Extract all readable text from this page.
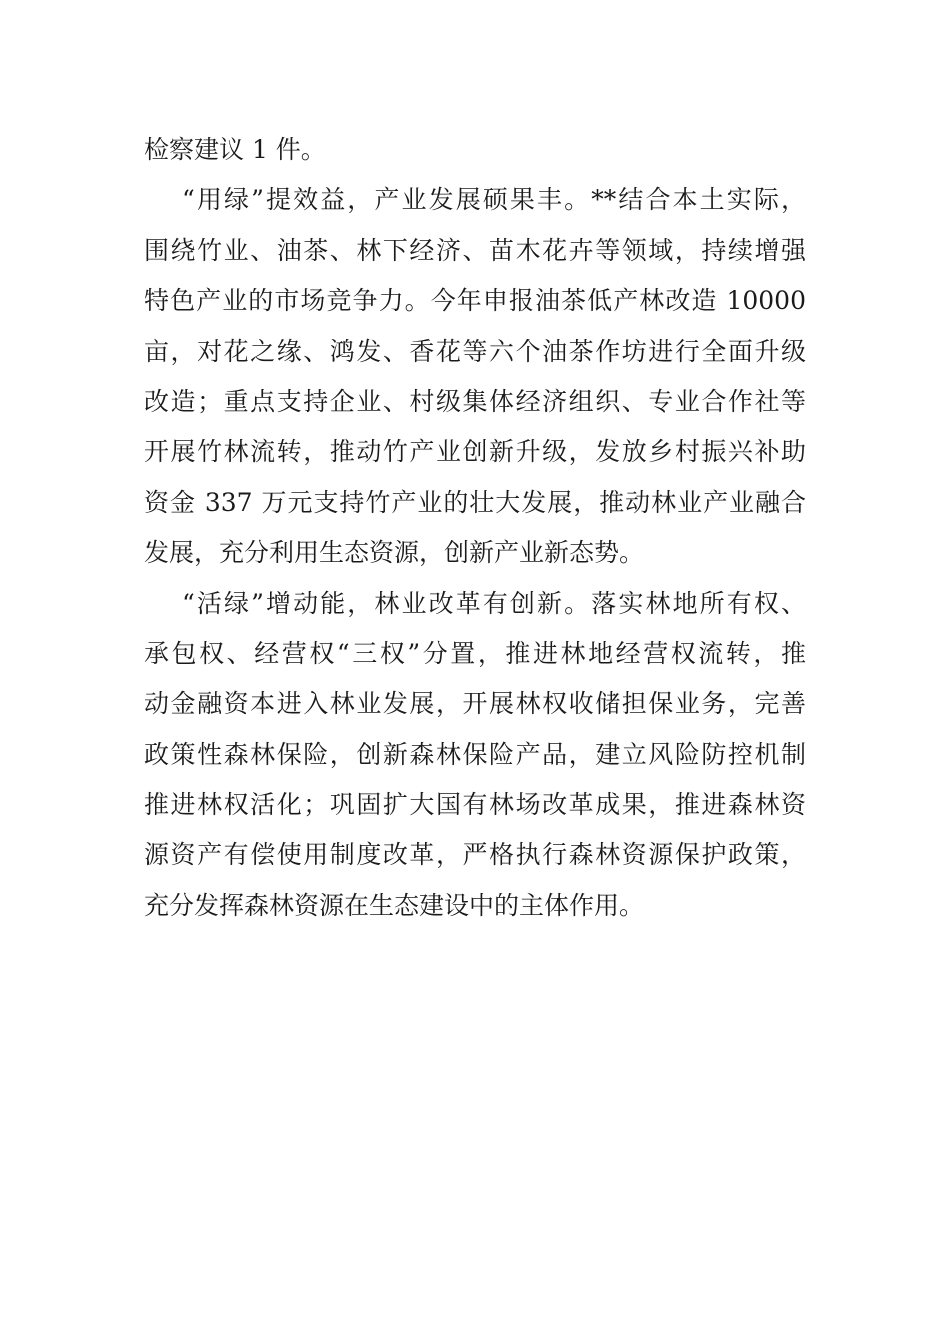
检察建议 1 件。
“用绿”提效益，产业发展硕果丰。**结合本土实际，
围绕竹业、油茶、林下经济、苗木花卉等领域，持续增强
特色产业的市场竞争力。今年申报油茶低产林改造 10000
亩，对花之缘、鸿发、香花等六个油茶作坊进行全面升级
改造；重点支持企业、村级集体经济组织、专业合作社等
开展竹林流转，推动竹产业创新升级，发放乡村振兴补助
资金 337 万元支持竹产业的壮大发展，推动林业产业融合
发展，充分利用生态资源，创新产业新态势。
“活绿”增动能，林业改革有创新。落实林地所有权、
承包权、经营权“三权”分置，推进林地经营权流转，推
动金融资本进入林业发展，开展林权收储担保业务，完善
政策性森林保险，创新森林保险产品，建立风险防控机制
推进林权活化；巩固扩大国有林场改革成果，推进森林资
源资产有偿使用制度改革，严格执行森林资源保护政策，
充分发挥森林资源在生态建设中的主体作用。
